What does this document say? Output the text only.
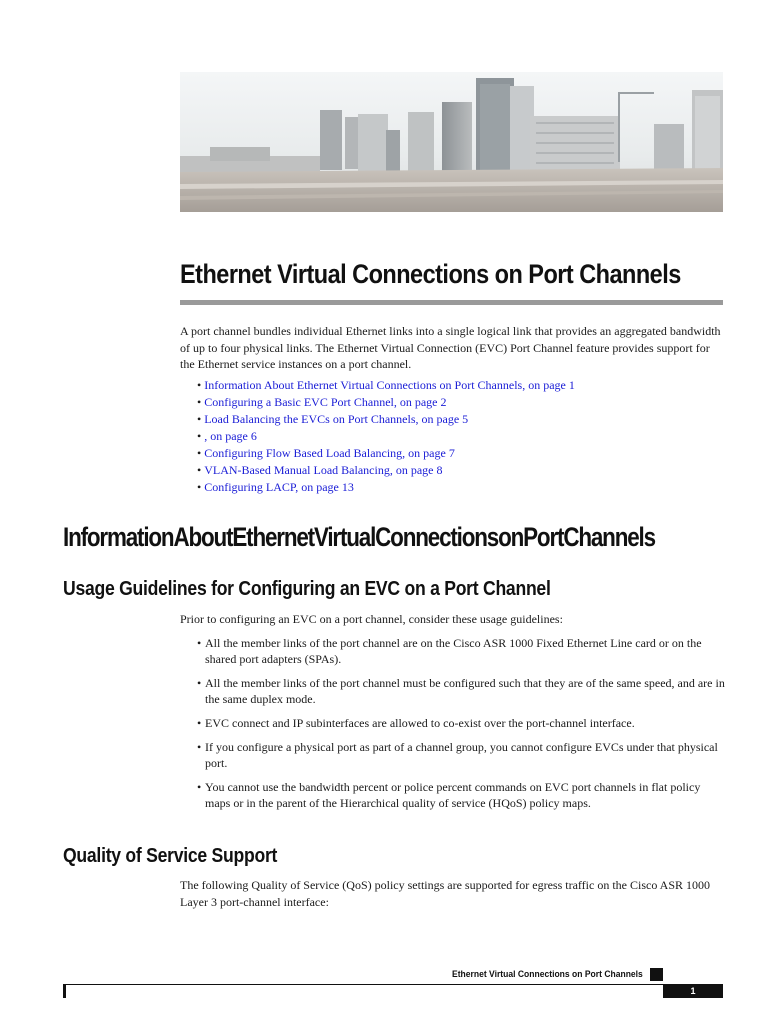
Ethernet Virtual Connections on Port Channels

A port channel bundles individual Ethernet links into a single logical link that provides an aggregated bandwidth of up to four physical links. The Ethernet Virtual Connection (EVC) Port Channel feature provides support for the Ethernet service instances on a port channel.

• Information About Ethernet Virtual Connections on Port Channels, on page 1
• Configuring a Basic EVC Port Channel, on page 2
• Load Balancing the EVCs on Port Channels, on page 5
• , on page 6
• Configuring Flow Based Load Balancing, on page 7
• VLAN-Based Manual Load Balancing, on page 8
• Configuring LACP, on page 13
InformationAboutEthernetVirtualConnectionsonPortChannels
Usage Guidelines for Configuring an EVC on a Port Channel

Prior to configuring an EVC on a port channel, consider these usage guidelines:

• All the member links of the port channel are on the Cisco ASR 1000 Fixed Ethernet Line card or on the shared port adapters (SPAs).
• All the member links of the port channel must be configured such that they are of the same speed, and are in the same duplex mode.
• EVC connect and IP subinterfaces are allowed to co-exist over the port-channel interface.
• If you configure a physical port as part of a channel group, you cannot configure EVCs under that physical port.
• You cannot use the bandwidth percent or police percent commands on EVC port channels in flat policy maps or in the parent of the Hierarchical quality of service (HQoS) policy maps.
Quality of Service Support

The following Quality of Service (QoS) policy settings are supported for egress traffic on the Cisco ASR 1000 Layer 3 port-channel interface:

Ethernet Virtual Connections on Port Channels
1
